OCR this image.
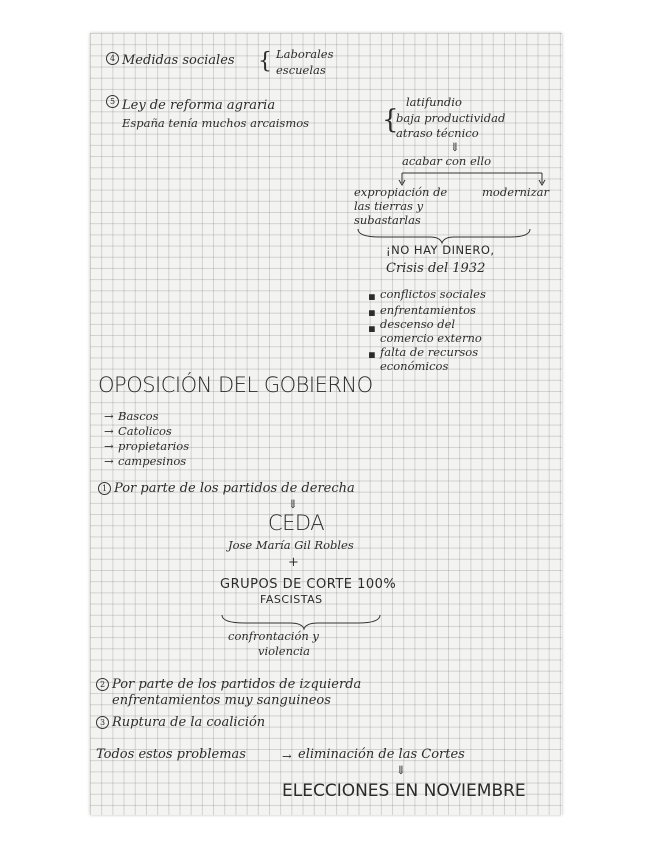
4 Medidas sociales { Laborales
escuelas
5 Ley de reforma agraria
España tenía muchos arcaismos	{
latifundio
baja productividad
atraso técnico
⇓
acabar con ello
expropiación de
las tierras y
subastarlas
modernizar
¡NO HAY DINERO,
Crisis del 1932
▪ conflictos sociales
▪ enfrentamientos
▪ descenso del
comercio externo
▪ falta de recursos
económicos
OPOSICIÓN DEL GOBIERNO
→ Bascos
→ Catolicos
→ propietarios
→ campesinos
1 Por parte de los partidos de derecha
⇓
CEDA
Jose María Gil Robles
+
GRUPOS DE CORTE 100%
FASCISTAS
confrontación y
violencia
2 Por parte de los partidos de izquierda
enfrentamientos muy sanguineos
3 Ruptura de la coalición
Todos estos problemas	→ eliminación de las Cortes
⇓
ELECCIONES EN NOVIEMBRE
